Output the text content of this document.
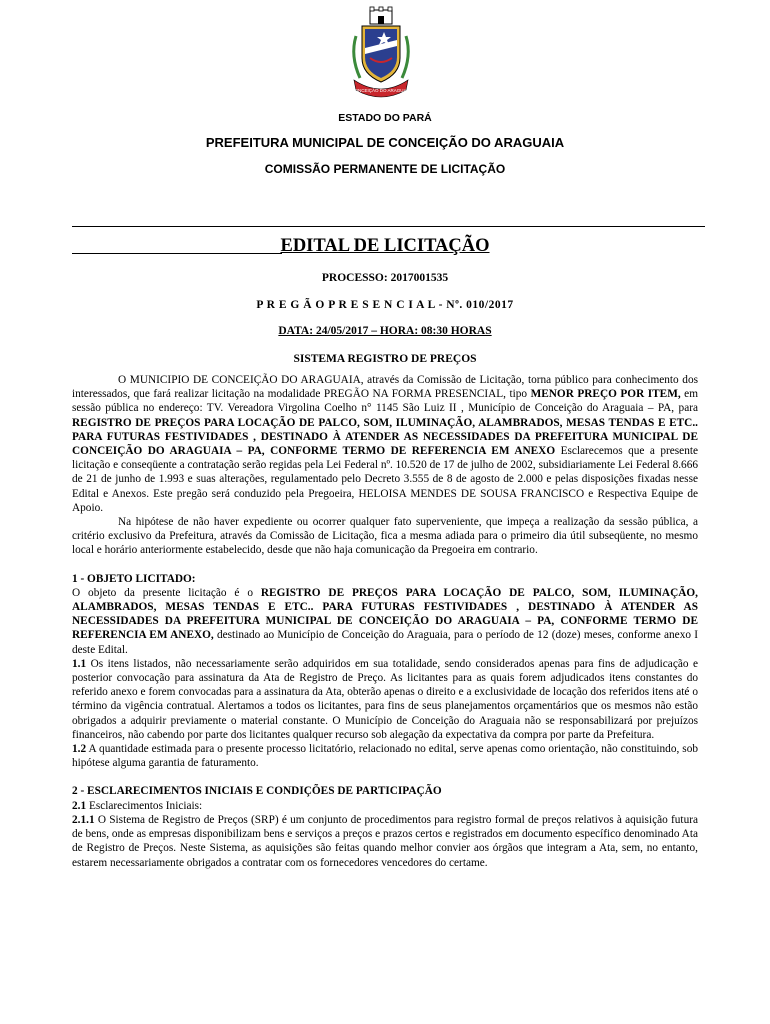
CONCEIÇÃO DO ARAGUAIA
ESTADO DO PARÁ
PREFEITURA MUNICIPAL DE CONCEIÇÃO DO ARAGUAIA
COMISSÃO PERMANENTE DE LICITAÇÃO
EDITAL DE LICITAÇÃO
PROCESSO: 2017001535
P R E G Ã O P R E S E N C I A L - Nº. 010/2017
DATA: 24/05/2017 – HORA: 08:30 HORAS
SISTEMA REGISTRO DE PREÇOS

O MUNICIPIO DE CONCEIÇÃO DO ARAGUAIA, através da Comissão de Licitação, torna público para conhecimento dos interessados, que fará realizar licitação na modalidade PREGÃO NA FORMA PRESENCIAL, tipo MENOR PREÇO POR ITEM, em sessão pública no endereço: TV. Vereadora Virgolina Coelho n° 1145 São Luiz II , Município de Conceição do Araguaia – PA, para REGISTRO DE PREÇOS PARA LOCAÇÃO DE PALCO, SOM, ILUMINAÇÃO, ALAMBRADOS, MESAS TENDAS E ETC.. PARA FUTURAS FESTIVIDADES , DESTINADO À ATENDER AS NECESSIDADES DA PREFEITURA MUNICIPAL DE CONCEIÇÃO DO ARAGUAIA – PA, CONFORME TERMO DE REFERENCIA EM ANEXO Esclarecemos que a presente licitação e conseqüente a contratação serão regidas pela Lei Federal nº. 10.520 de 17 de julho de 2002, subsidiariamente Lei Federal 8.666 de 21 de junho de 1.993 e suas alterações, regulamentado pelo Decreto 3.555 de 8 de agosto de 2.000 e pelas disposições fixadas nesse Edital e Anexos. Este pregão será conduzido pela Pregoeira, HELOISA MENDES DE SOUSA FRANCISCO e Respectiva Equipe de Apoio.

Na hipótese de não haver expediente ou ocorrer qualquer fato superveniente, que impeça a realização da sessão pública, a critério exclusivo da Prefeitura, através da Comissão de Licitação, fica a mesma adiada para o primeiro dia útil subseqüente, no mesmo local e horário anteriormente estabelecido, desde que não haja comunicação da Pregoeira em contrario.

1 - OBJETO LICITADO:

O objeto da presente licitação é o REGISTRO DE PREÇOS PARA LOCAÇÃO DE PALCO, SOM, ILUMINAÇÃO, ALAMBRADOS, MESAS TENDAS E ETC.. PARA FUTURAS FESTIVIDADES , DESTINADO À ATENDER AS NECESSIDADES DA PREFEITURA MUNICIPAL DE CONCEIÇÃO DO ARAGUAIA – PA, CONFORME TERMO DE REFERENCIA EM ANEXO, destinado ao Município de Conceição do Araguaia, para o período de 12 (doze) meses, conforme anexo I deste Edital.

1.1 Os itens listados, não necessariamente serão adquiridos em sua totalidade, sendo considerados apenas para fins de adjudicação e posterior convocação para assinatura da Ata de Registro de Preço. As licitantes para as quais forem adjudicados itens constantes do referido anexo e forem convocadas para a assinatura da Ata, obterão apenas o direito e a exclusividade de locação dos referidos itens até o término da vigência contratual. Alertamos a todos os licitantes, para fins de seus planejamentos orçamentários que os mesmos não estão obrigados a adquirir previamente o material constante. O Município de Conceição do Araguaia não se responsabilizará por prejuízos financeiros, não cabendo por parte dos licitantes qualquer recurso sob alegação da expectativa da compra por parte da Prefeitura.

1.2 A quantidade estimada para o presente processo licitatório, relacionado no edital, serve apenas como orientação, não constituindo, sob hipótese alguma garantia de faturamento.

2 - ESCLARECIMENTOS INICIAIS E CONDIÇÕES DE PARTICIPAÇÃO

2.1 Esclarecimentos Iniciais:

2.1.1 O Sistema de Registro de Preços (SRP) é um conjunto de procedimentos para registro formal de preços relativos à aquisição futura de bens, onde as empresas disponibilizam bens e serviços a preços e prazos certos e registrados em documento específico denominado Ata de Registro de Preços. Neste Sistema, as aquisições são feitas quando melhor convier aos órgãos que integram a Ata, sem, no entanto, estarem necessariamente obrigados a contratar com os fornecedores vencedores do certame.
